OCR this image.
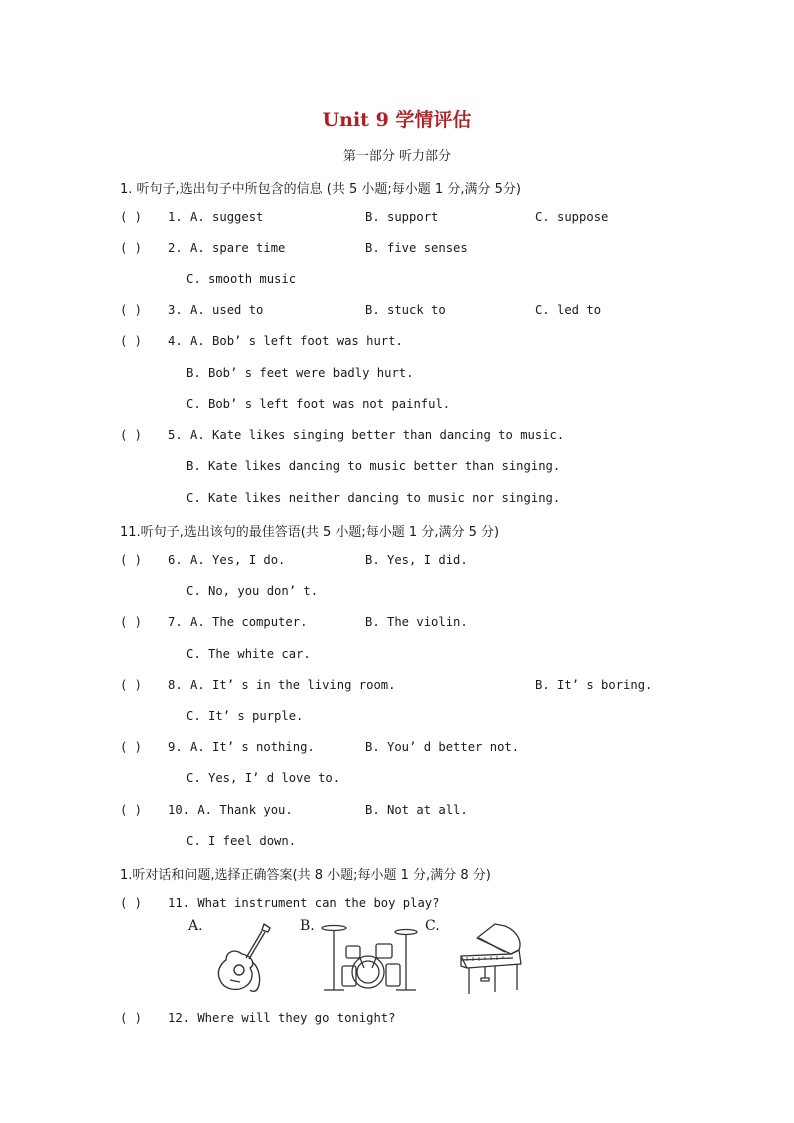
Unit 9 学情评估
第一部分 听力部分
1. 听句子,选出句子中所包含的信息 (共 5 小题;每小题 1 分,满分 5分)
( ) 1. A. suggest	B. support	C. suppose
( ) 2. A. spare time	B. five senses
C. smooth music
( ) 3. A. used to	B. stuck to	C. led to
( ) 4. A. Bob’ s left foot was hurt.
B. Bob’ s feet were badly hurt.
C. Bob’ s left foot was not painful.
( ) 5. A. Kate likes singing better than dancing to music.
B. Kate likes dancing to music better than singing.
C. Kate likes neither dancing to music nor singing.
11.听句子,选出该句的最佳答语(共 5 小题;每小题 1 分,满分 5 分)
( ) 6. A. Yes, I do.	B. Yes, I did.
C. No, you don’ t.
( ) 7. A. The computer.	B. The violin.
C. The white car.
( ) 8. A. It’ s in the living room.	B. It’ s boring.
C. It’ s purple.
( ) 9. A. It’ s nothing.	B. You’ d better not.
C. Yes, I’ d love to.
( ) 10. A. Thank you.	B. Not at all.
C. I feel down.
1.听对话和问题,选择正确答案(共 8 小题;每小题 1 分,满分 8 分)
( ) 11. What instrument can the boy play?
A.	B.	C.
( ) 12. Where will they go tonight?
